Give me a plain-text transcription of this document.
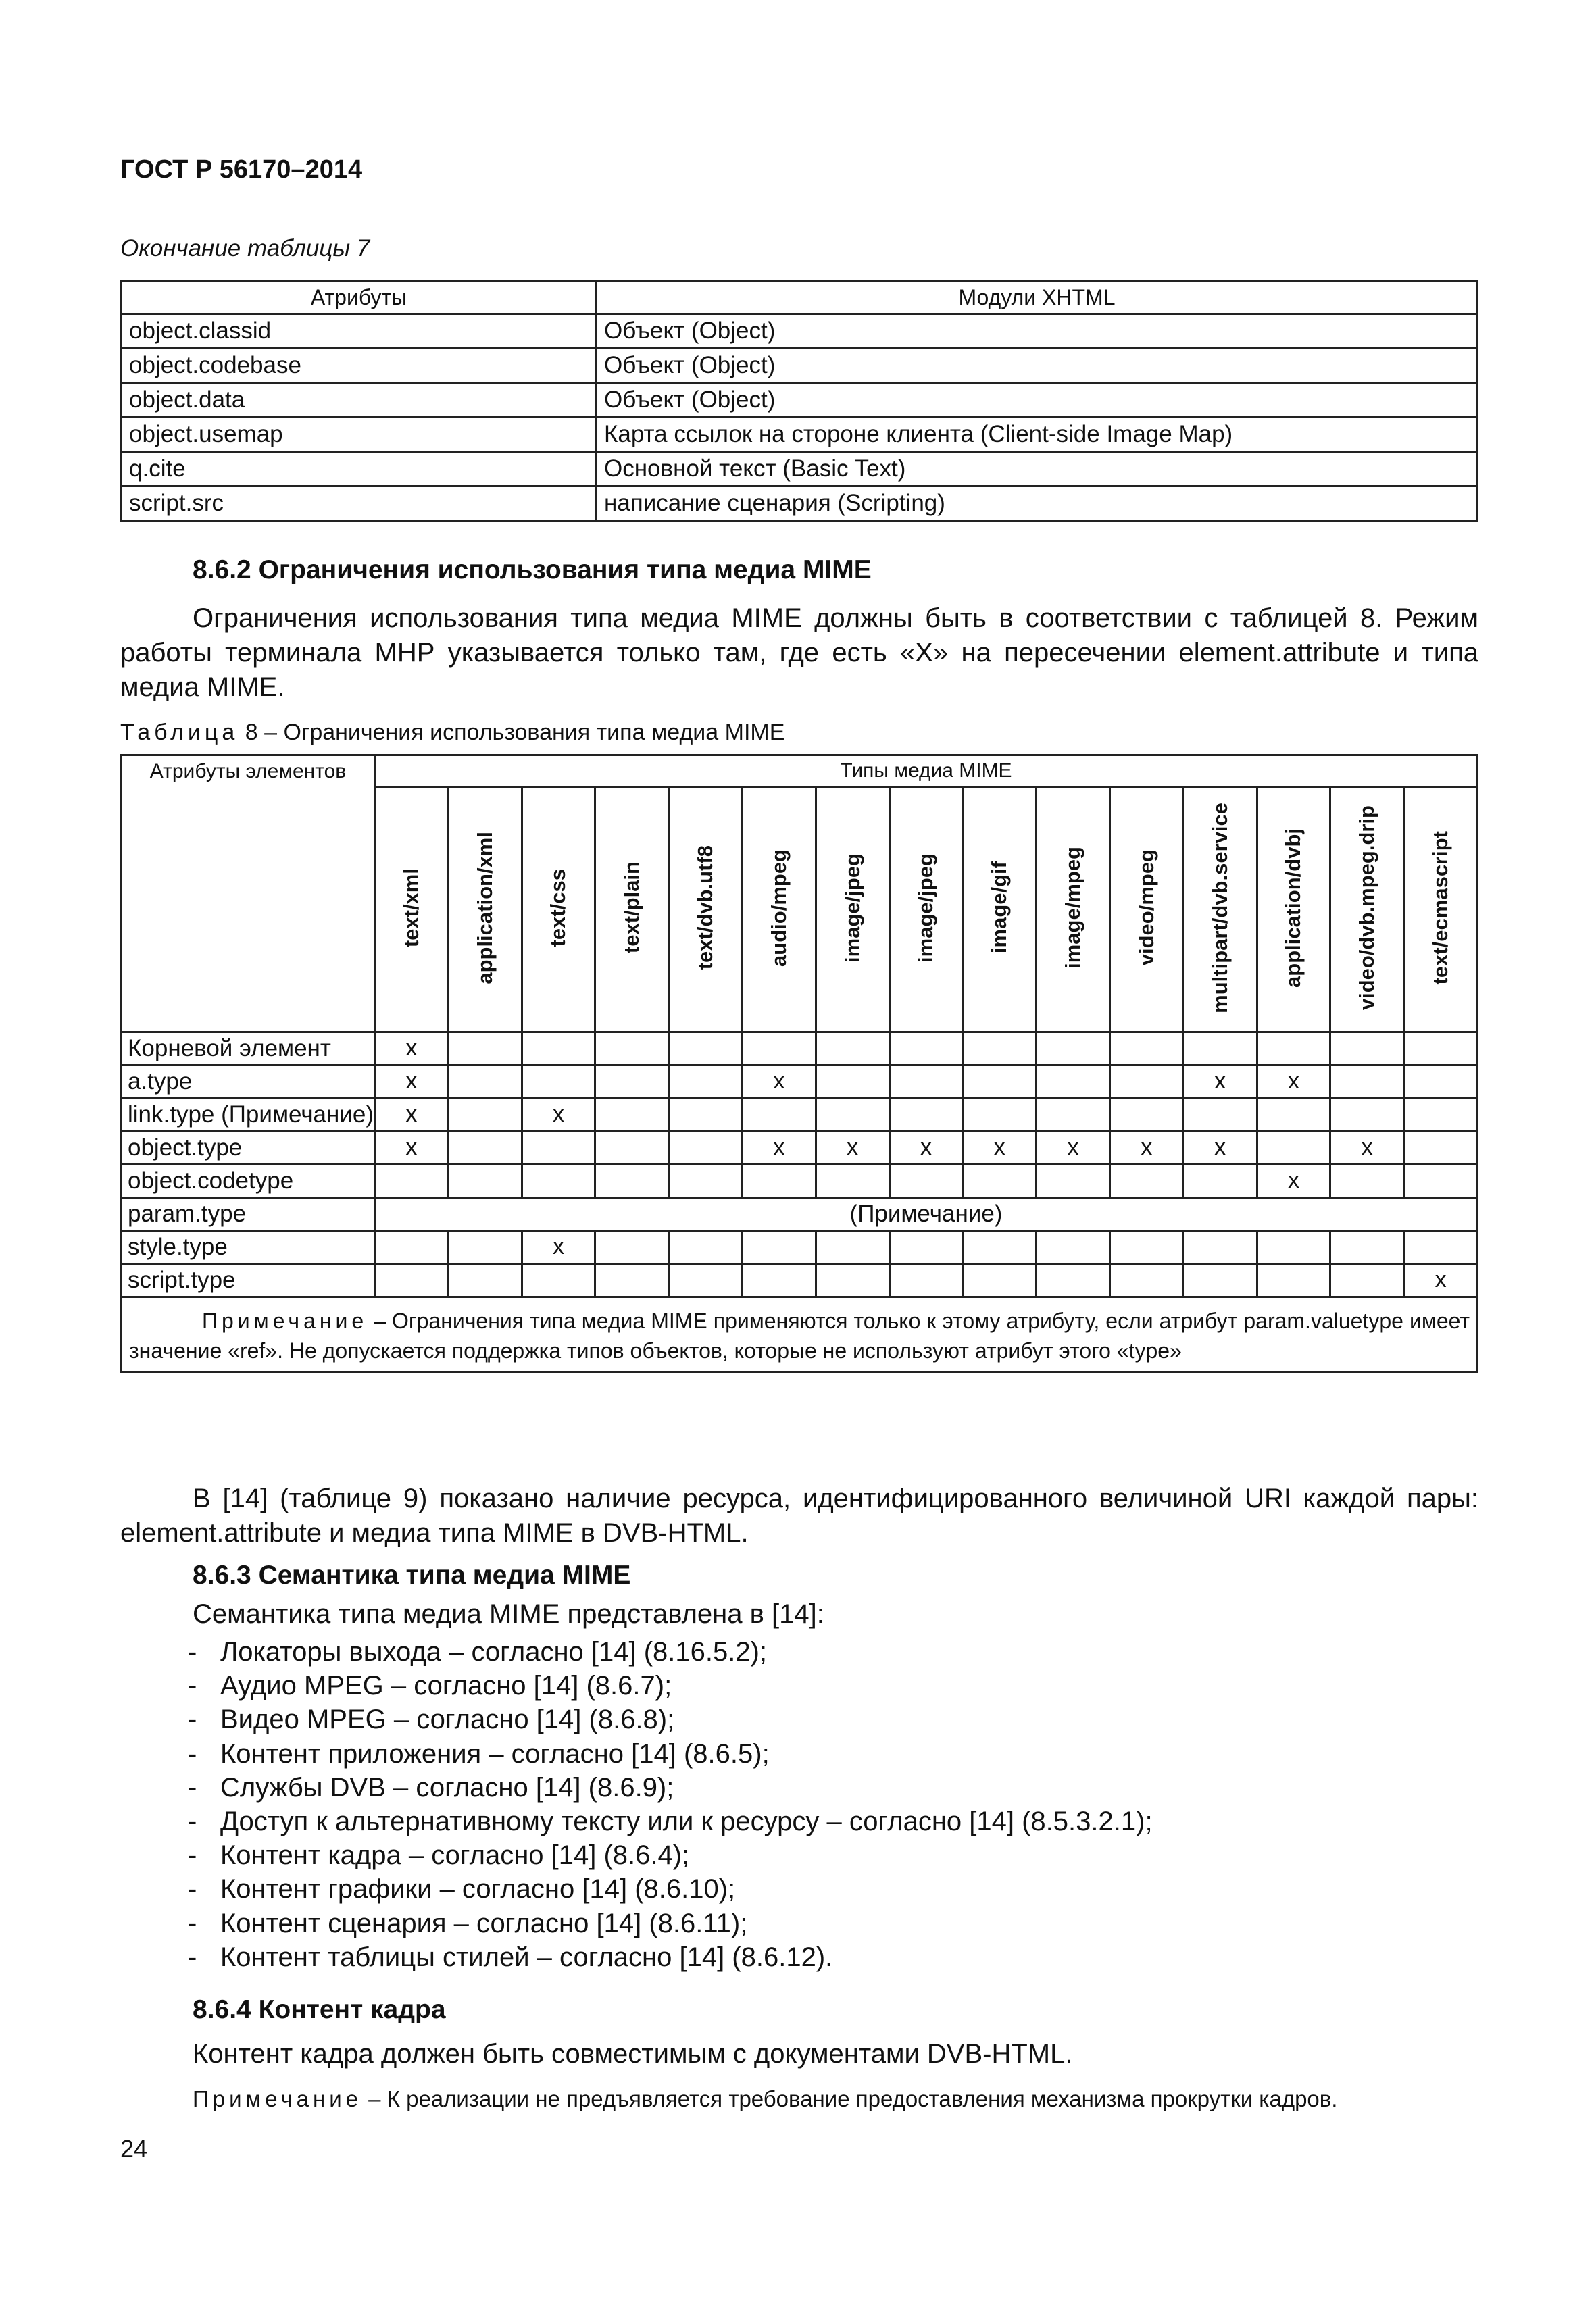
ГОСТ Р 56170–2014
Окончание таблицы 7
Атрибуты	Модули XHTML
object.classid	Объект (Object)
object.codebase	Объект (Object)
object.data	Объект (Object)
object.usemap	Карта ссылок на стороне клиента (Client-side Image Map)
q.cite	Основной текст (Basic Text)
script.src	написание сценария (Scripting)
8.6.2 Ограничения использования типа медиа MIME
Ограничения использования типа медиа MIME должны быть в соответствии с таблицей 8. Режим работы терминала МНР указывается только там, где есть «X» на пересечении element.attribute и типа медиа MIME.
Таблица 8 – Ограничения использования типа медиа MIME
Атрибуты элементов	Типы медиа MIME														
	text/xml	application/xml	text/css	text/plain	text/dvb.utf8	audio/mpeg	image/jpeg	image/jpeg	image/gif	image/mpeg	video/mpeg	multipart/dvb.service	application/dvbj	video/dvb.mpeg.drip	text/ecmascript
Корневой элемент	x														
a.type	x					x						x	x		
link.type (Примечание)	x		x												
object.type	x					x	x	x	x	x	x	x		x	
object.codetype													x		
param.type	(Примечание)														
style.type			x												
script.type															x
Примечание – Ограничения типа медиа MIME применяются только к этому атрибуту, если атрибут param.valuetype имеет значение «ref». Не допускается поддержка типов объектов, которые не используют атрибут этого «type»															
В [14] (таблице 9) показано наличие ресурса, идентифицированного величиной URI каждой пары: element.attribute и медиа типа MIME в DVB-HTML.
8.6.3 Семантика типа медиа MIME
Семантика типа медиа MIME представлена в [14]:
- Локаторы выхода – согласно [14] (8.16.5.2);
- Аудио MPEG – согласно [14] (8.6.7);
- Видео MPEG – согласно [14] (8.6.8);
- Контент приложения – согласно [14] (8.6.5);
- Службы DVB – согласно [14] (8.6.9);
- Доступ к альтернативному тексту или к ресурсу – согласно [14] (8.5.3.2.1);
- Контент кадра – согласно [14] (8.6.4);
- Контент графики – согласно [14] (8.6.10);
- Контент сценария – согласно [14] (8.6.11);
- Контент таблицы стилей – согласно [14] (8.6.12).
8.6.4 Контент кадра
Контент кадра должен быть совместимым с документами DVB-HTML.
Примечание – К реализации не предъявляется требование предоставления механизма прокрутки кадров.
24
